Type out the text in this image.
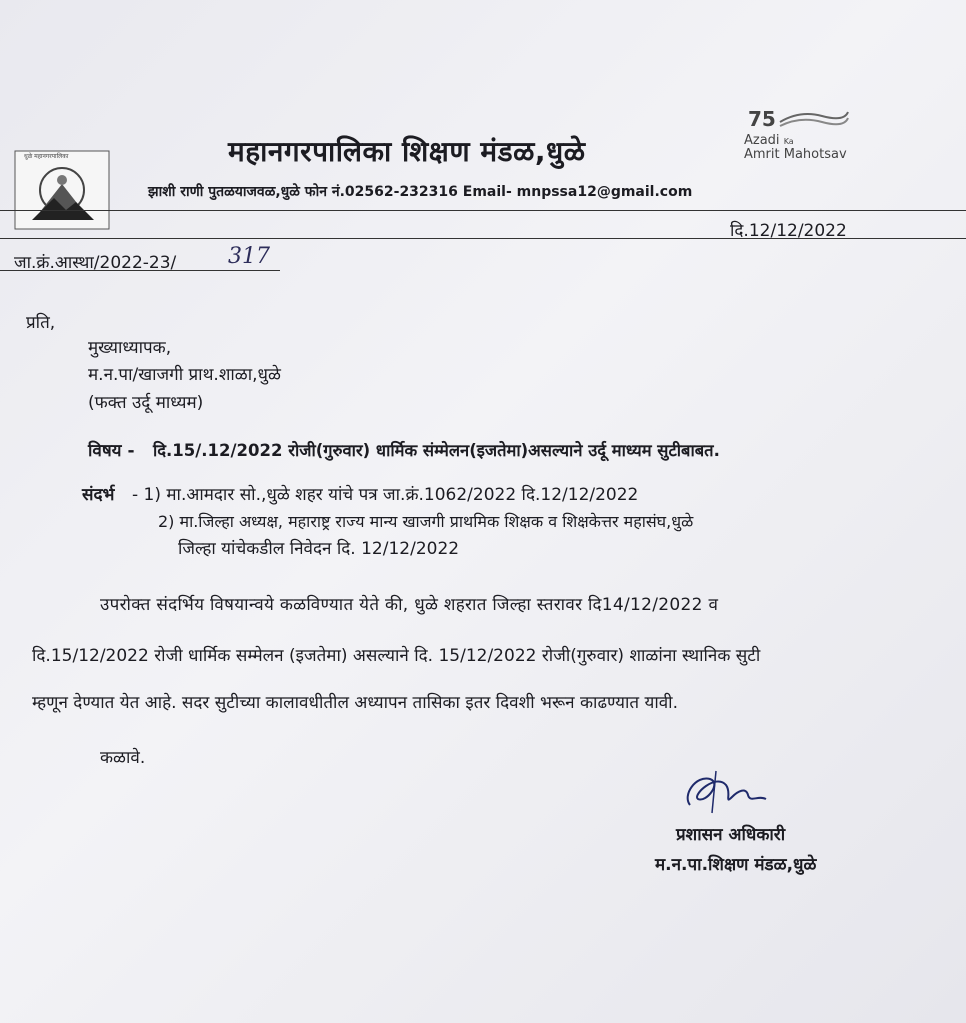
धुळे महानगरपालिका	महानगरपालिका शिक्षण मंडळ,धुळे
झाशी राणी पुतळयाजवळ,धुळे फोन नं.02562-232316 Email- mnpssa12@gmail.com
75
Azadi Ka
Amrit Mahotsav
दि.12/12/2022
जा.क्रं.आस्था/2022-23/ 317
प्रति,
मुख्याध्यापक,
म.न.पा/खाजगी प्राथ.शाळा,धुळे
(फक्त उर्दू माध्यम)
विषय - दि.15/.12/2022 रोजी(गुरुवार) धार्मिक संम्मेलन(इजतेमा)असल्याने उर्दू माध्यम सुटीबाबत.
संदर्भ - 1) मा.आमदार सो.,धुळे शहर यांचे पत्र जा.क्रं.1062/2022 दि.12/12/2022
2) मा.जिल्हा अध्यक्ष, महाराष्ट्र राज्य मान्य खाजगी प्राथमिक शिक्षक व शिक्षकेत्तर महासंघ,धुळे
जिल्हा यांचेकडील निवेदन दि. 12/12/2022
उपरोक्त संदर्भिय विषयान्वये कळविण्यात येते की, धुळे शहरात जिल्हा स्तरावर दि14/12/2022 व
दि.15/12/2022 रोजी धार्मिक सम्मेलन (इजतेमा) असल्याने दि. 15/12/2022 रोजी(गुरुवार) शाळांना स्थानिक सुटी
म्हणून देण्यात येत आहे. सदर सुटीच्या कालावधीतील अध्यापन तासिका इतर दिवशी भरून काढण्यात यावी.
कळावे.
प्रशासन अधिकारी
म.न.पा.शिक्षण मंडळ,धुळे
